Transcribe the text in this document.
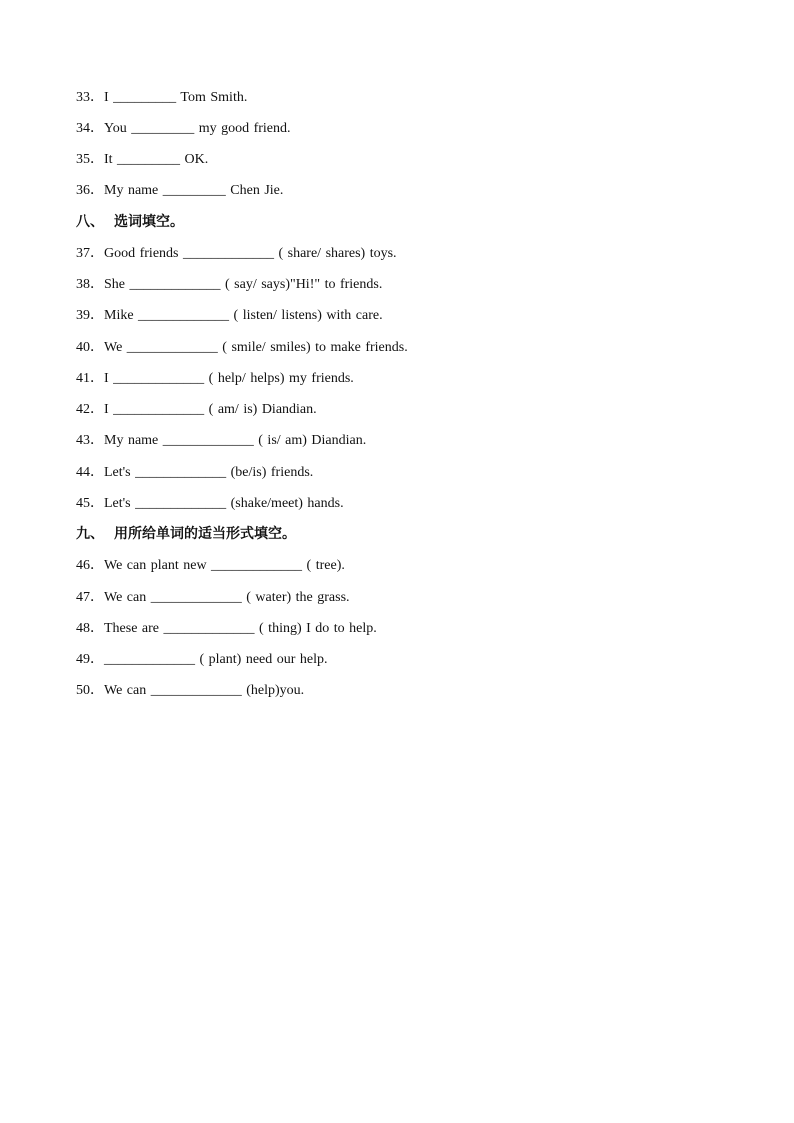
33．I _________ Tom Smith.
34．You _________ my good friend.
35．It _________ OK.
36．My name _________ Chen Jie.
八、 选词填空。
37．Good friends _____________ ( share/ shares) toys.
38．She _____________ ( say/ says)"Hi!" to friends.
39．Mike _____________ ( listen/ listens) with care.
40．We _____________ ( smile/ smiles) to make friends.
41．I _____________ ( help/ helps) my friends.
42．I _____________ ( am/ is) Diandian.
43．My name _____________ ( is/ am) Diandian.
44．Let's _____________ (be/is) friends.
45．Let's _____________ (shake/meet) hands.
九、 用所给单词的适当形式填空。
46．We can plant new _____________ ( tree).
47．We can _____________ ( water) the grass.
48．These are _____________ ( thing) I do to help.
49．_____________ ( plant) need our help.
50．We can _____________ (help)you.
